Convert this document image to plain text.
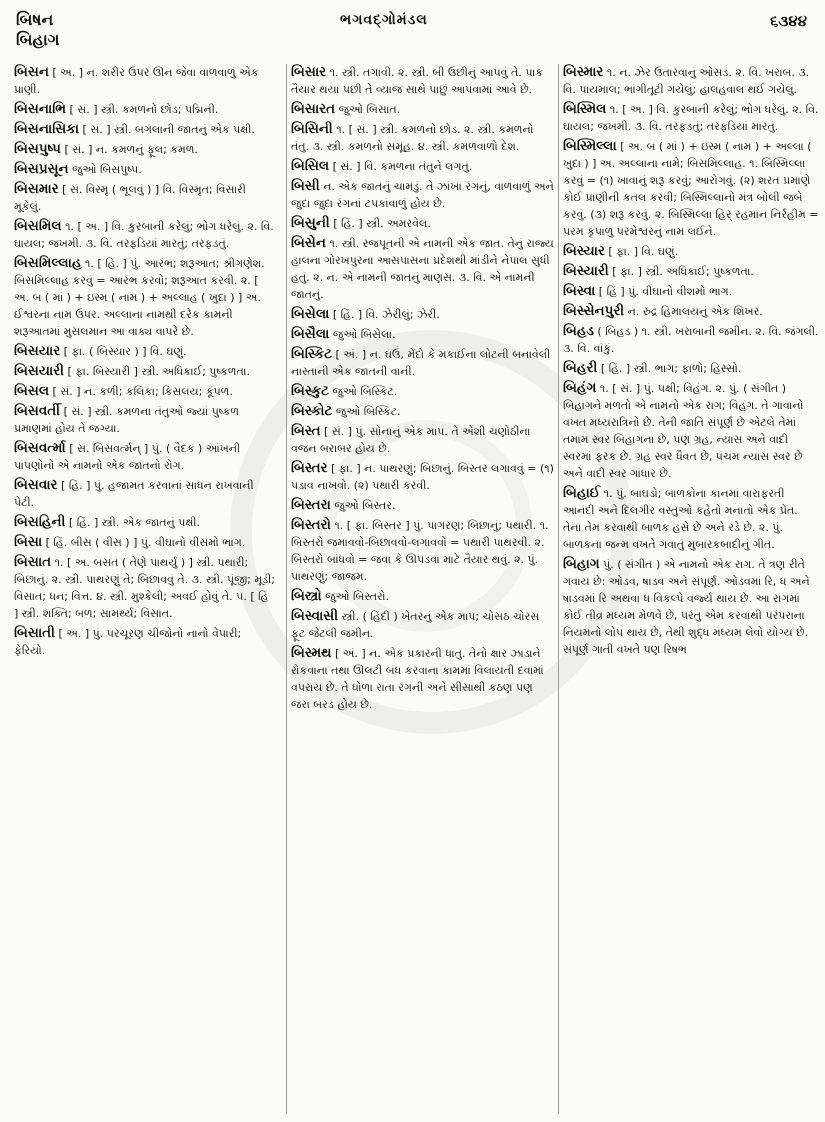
બિષન
બિહાગ
ભગવદ્ગોમંડલ	૬૩૪૪
બિસન [ અ. ] ન. શરીર ઉપર ઊન જેવા વાળવાળું એક પ્રાણી.
બિસનાભિ [ સં. ] સ્ત્રી. કમળનો છોડ; પદ્મિની.
બિસનાસિકા [ સં. ] સ્ત્રી. બગલાની જાતનું એક પક્ષી.
બિસપુષ્પ [ સં. ] ન. કમળનું ફૂલ; કમળ.
બિસપ્રસૂન જુઓ બિસપુષ્પ.
બિસમાર [ સં. વિસ્મૃ ( ભૂલવું ) ] વિ. વિસ્મૃત; વિસારી મૂકેલું.
બિસમિલ ૧. [ અ. ] વિ. કુરબાની કરેલું; ભોગ ધરેલું. ૨. વિ. ઘાયલ; જખમી. ૩. વિ. તરફડિયાં મારતું; તરફડતું.
બિસમિલ્લાહ ૧. [ હિં. ] પું. આરંભ; શરૂઆત; શ્રીગણેશ. બિસમિલ્લાહ કરવું = આરંભ કરવો; શરૂઆત કરવી. ૨. [ અ. બ ( માં ) + ઇસ્મ ( નામ ) + અલ્લાહ ( ખુદા ) ] અ. ઈશ્વરના નામ ઉપર. અલ્લાના નામથી દરેક કામની શરૂઆતમાં મુસલમાન આ વાક્ય વાપરે છે.
બિસયાર [ ફા. ( બિસ્યાર ) ] વિ. ઘણું.
બિસયારી [ ફા. બિસ્યારી ] સ્ત્રી. અધિકાઈ; પુષ્કળતા.
બિસલ [ સં. ] ન. કળી; કલિકા; કિસલય; કૂંપળ.
બિસવર્તી [ સં. ] સ્ત્રી. કમળના તંતુઓ જ્યાં પુષ્કળ પ્રમાણમાં હોય તે જગ્યા.
બિસવર્ત્મા [ સં. બિસવર્ત્મન્ ] પું. ( વૈદક ) આંખની પાંપણોનો એ નામનો એક જાતનો રોગ.
બિસવાર [ હિં. ] પું. હજામત કરવાનાં સાધન રાખવાની પેટી.
બિસહિની [ હિં. ] સ્ત્રી. એક જાતનું પક્ષી.
બિસા [ હિં. બીસ ( વીસ ) ] પું. વીઘાનો વીસમો ભાગ.
બિસાત ૧. [ અ. બસત ( તેણે પાથર્યું ) ] સ્ત્રી. પથારી; બિછાનું. ૨. સ્ત્રી. પાથરણું તે; બિછાવવું તે. ૩. સ્ત્રી. પૂંજી; મૂડી; વિસાત; ધન; વિત્ત. ૪. સ્ત્રી. મુશ્કેલી; અવઈ હોવું તે. ૫. [ હિં ] સ્ત્રી. શક્તિ; બળ; સામર્થ્ય; વિસાત.
બિસાતી [ અ. ] પું. પરચૂરણ ચીજોનો નાનો વેપારી; ફેરિયો.
બિસાર ૧. સ્ત્રી. તગાવી. ૨. સ્ત્રી. બી ઉછીનું આપવું તે. પાક તૈયાર થયા પછી તે વ્યાજ સાથે પાછું આપવામાં આવે છે.
બિસારત જુઓ બિસાત.
બિસિની ૧. [ સં. ] સ્ત્રી. કમળનો છોડ. ૨. સ્ત્રી. કમળનો તંતુ. ૩. સ્ત્રી. કમળનો સમૂહ. ૪. સ્ત્રી. કમળવાળો દેશ.
બિસિલ [ સં. ] વિ. કમળના તંતુને લગતું.
બિસી ન. એક જાતનું ચામડું. તે ઝાંખા રંગનું, વાળવાળું અને જુદા જુદા રંગનાં ટપકાંવાળું હોય છે.
બિસુની [ હિં. ] સ્ત્રી. અમરવેલ.
બિસેન ૧. સ્ત્રી. રજપૂતની એ નામની એક જાત. તેનું રાજ્ય હાલના ગોરખપુરના આસપાસના પ્રદેશથી માંડીને નેપાલ સુધી હતું. ૨. ન. એ નામની જાતનું માણસ. ૩. વિ. એ નામની જાતનું.
બિસેલા [ હિં. ] વિ. ઝેરીલું; ઝેરી.
બિસૈલા જુઓ બિસેલા.
બિસ્કિટ [ અં. ] ન. ઘઉં, મેંદો કે મકાઈના લોટની બનાવેલી નાસ્તાની એક જાતની વાની.
બિસ્કુટ જુઓ બિસ્કિટ.
બિસ્કોટ જુઓ બિસ્કિટ.
બિસ્ત [ સં. ] પું. સોનાનું એક માપ. તે એંશી ચણોઠીના વજન બરાબર હોય છે.
બિસ્તર [ ફા. ] ન. પાથરણું; બિછાનું. બિસ્તર લગાવવું = (૧) પડાવ નાખવો. (૨) પથારી કરવી.
બિસ્તરા જુઓ બિસ્તર.
બિસ્તરો ૧. [ ફા. બિસ્તર ] પું. પાગરણ; બિછાનું; પથારી. ૧. બિસ્તરો જમાવવો-બિછાવવો-લગાવવો = પથારી પાથરવી. ૨. બિસ્તરો બાંધવો = જવા કે ઊપડવા માટે તૈયાર થવું. ૨. પું. પાથરણું; જાજમ.
બિસ્ત્રો જુઓ બિસ્તરો.
બિસ્વાસી સ્ત્રી. ( હિંદી ) ખેતરનું એક માપ; ચોસઠ ચોરસ ફૂટ જેટલી જમીન.
બિસ્મથ [ અં. ] ન. એક પ્રકારની ધાતુ. તેનો ક્ષાર ઝાડાને રોકવાના તથા ઊલટી બંધ કરવાના કામમાં વિલાયતી દવામાં વપરાય છે. તે ધોળા રાતા રંગની અને સીસાથી કઠણ પણ જરા બરડ હોય છે.
બિસ્માર ૧. ન. ઝેર ઉતારવાનું ઓસડ. ૨. વિ. ખરાબ. ૩. વિ. પાયમાલ; ભાંગીતૂટી ગયેલું; હાલહવાલ થઈ ગયેલું.
બિસ્મિલ ૧. [ અ. ] વિ. કુરબાની કરેલું; ભોગ ધરેલું. ૨. વિ. ઘાયલ; જખમી. ૩. વિ. તરફડતું; તરફડિયાં મારતું.
બિસ્મિલ્લા [ અ. બ ( માં ) + ઇસ્મ ( નામ ) + અલ્લા ( ખુદા ) ] અ. અલ્લાના નામે; બિસમિલ્લાહ. ૧. બિસ્મિલ્લા કરવું = (૧) ખાવાનું શરૂ કરવું; આરોગવું. (૨) શરત પ્રમાણે કોઈ પ્રાણીની કતલ કરવી; બિસ્મિલ્લાનો મંત્ર બોલી જબે કરવું. (૩) શરૂ કરવું. ૨. બિસ્મિલ્લા હિર્ રહમાન નિર્રહીમ = પરમ કૃપાળુ પરમેશ્વરનું નામ લઈને.
બિસ્યાર [ ફા. ] વિ. ઘણું.
બિસ્યારી [ ફા. ] સ્ત્રી. અધિકાઈ; પુષ્કળતા.
બિસ્વા [ હિં ] પું. વીઘાનો વીશમો ભાગ.
બિસ્સેનપુરી ન. રુદ્ર હિમાલયનું એક શિખર.
બિહડ ( બિહડ ) ૧. સ્ત્રી. ખરાબાની જમીન. ૨. વિ. જંગલી. ૩. વિ. વાંકું.
બિહરી [ હિં. ] સ્ત્રી. ભાગ; ફાળો; હિસ્સો.
બિહંગ ૧. [ સં. ] પું. પક્ષી; વિહંગ. ૨. પું. ( સંગીત ) બિહાગને મળતો એ નામનો એક રાગ; વિહંગ. તે ગાવાનો વખત મધ્યરાત્રિનો છે. તેની જાતિ સંપૂર્ણ છે એટલે તેમાં તમામ સ્વર બિહાગના છે, પણ ગ્રહ, ન્યાસ અને વાદી સ્વરમાં ફરક છે. ગ્રહ સ્વર ધૈવત છે, પંચમ ન્યાસ સ્વર છે અને વાદી સ્વર ગાંધાર છે.
બિહાઈ ૧. પું. બાઘડો; બાળકોના કાનમાં વારાફરતી આનંદી અને દિલગીર વસ્તુઓ કહેતો મનાતો એક પ્રેત. તેના તેમ કરવાથી બાળક હસે છે અને રડે છે. ૨. પું. બાળકના જન્મ વખતે ગવાતું મુબારકબાદીનું ગીત.
બિહાગ પું. ( સંગીત ) એ નામનો એક રાગ. તે ત્રણ રીતે ગવાય છે: ઓડવ, ષાડવ અને સંપૂર્ણ. ઓડવમાં રિ, ધ અને ષાડવમાં રિ અથવા ધ વિકલ્પે વર્જ્ય થાય છે. આ રાગમાં કોઈ તીવ્ર મધ્યમ મેળવે છે, પરંતુ એમ કરવાથી પરંપરાના નિયમનો લોપ થાય છે, તેથી શુદ્ધ મધ્યમ લેવો યોગ્ય છે. સંપૂર્ણ ગાતી વખતે પણ રિષભ
